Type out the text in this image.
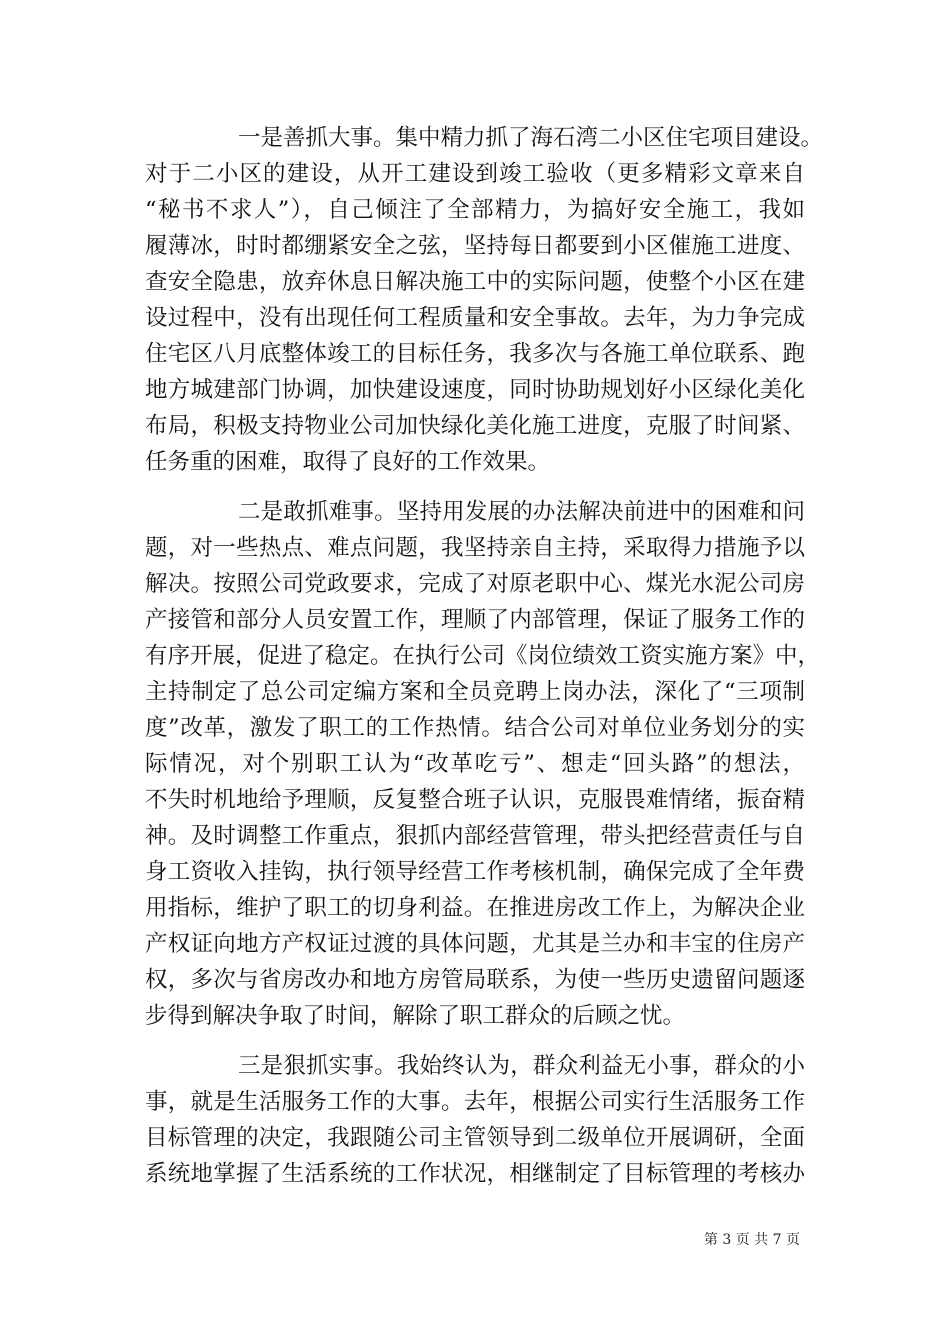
一是善抓大事。集中精力抓了海石湾二小区住宅项目建设。
对于二小区的建设，从开工建设到竣工验收（更多精彩文章来自
“秘书不求人”），自己倾注了全部精力，为搞好安全施工，我如
履薄冰，时时都绷紧安全之弦，坚持每日都要到小区催施工进度、
查安全隐患，放弃休息日解决施工中的实际问题，使整个小区在建
设过程中，没有出现任何工程质量和安全事故。去年，为力争完成
住宅区八月底整体竣工的目标任务，我多次与各施工单位联系、跑
地方城建部门协调，加快建设速度，同时协助规划好小区绿化美化
布局，积极支持物业公司加快绿化美化施工进度，克服了时间紧、
任务重的困难，取得了良好的工作效果。
二是敢抓难事。坚持用发展的办法解决前进中的困难和问
题，对一些热点、难点问题，我坚持亲自主持，采取得力措施予以
解决。按照公司党政要求，完成了对原老职中心、煤光水泥公司房
产接管和部分人员安置工作，理顺了内部管理，保证了服务工作的
有序开展，促进了稳定。在执行公司《岗位绩效工资实施方案》中，
主持制定了总公司定编方案和全员竞聘上岗办法，深化了“三项制
度”改革，激发了职工的工作热情。结合公司对单位业务划分的实
际情况，对个别职工认为“改革吃亏”、想走“回头路”的想法，
不失时机地给予理顺，反复整合班子认识，克服畏难情绪，振奋精
神。及时调整工作重点，狠抓内部经营管理，带头把经营责任与自
身工资收入挂钩，执行领导经营工作考核机制，确保完成了全年费
用指标，维护了职工的切身利益。在推进房改工作上，为解决企业
产权证向地方产权证过渡的具体问题，尤其是兰办和丰宝的住房产
权，多次与省房改办和地方房管局联系，为使一些历史遗留问题逐
步得到解决争取了时间，解除了职工群众的后顾之忧。
三是狠抓实事。我始终认为，群众利益无小事，群众的小
事，就是生活服务工作的大事。去年，根据公司实行生活服务工作
目标管理的决定，我跟随公司主管领导到二级单位开展调研，全面
系统地掌握了生活系统的工作状况，相继制定了目标管理的考核办
第 3 页 共 7 页
